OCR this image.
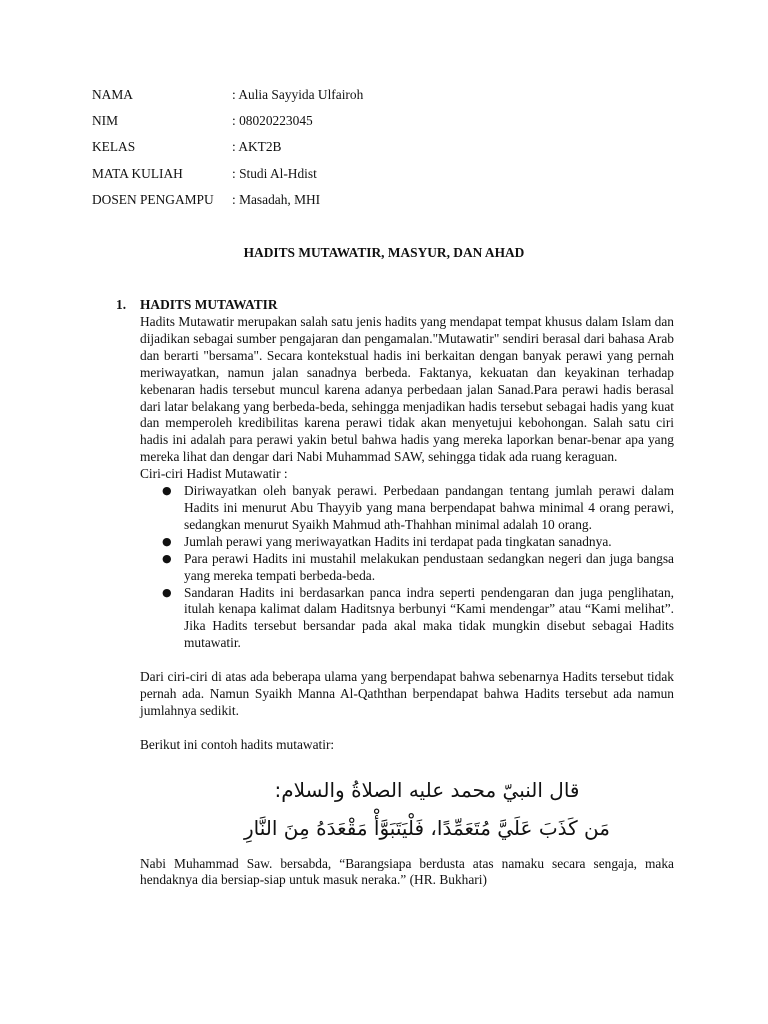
NAMA	: Aulia Sayyida Ulfairoh
NIM	: 08020223045
KELAS	: AKT2B
MATA KULIAH	: Studi Al-Hdist
DOSEN PENGAMPU	: Masadah, MHI
HADITS MUTAWATIR, MASYUR, DAN AHAD
1. HADITS MUTAWATIR

Hadits Mutawatir merupakan salah satu jenis hadits yang mendapat tempat khusus dalam Islam dan dijadikan sebagai sumber pengajaran dan pengamalan."Mutawatir" sendiri berasal dari bahasa Arab dan berarti "bersama". Secara kontekstual hadis ini berkaitan dengan banyak perawi yang pernah meriwayatkan, namun jalan sanadnya berbeda. Faktanya, kekuatan dan keyakinan terhadap kebenaran hadis tersebut muncul karena adanya perbedaan jalan Sanad.Para perawi hadis berasal dari latar belakang yang berbeda-beda, sehingga menjadikan hadis tersebut sebagai hadis yang kuat dan memperoleh kredibilitas karena perawi tidak akan menyetujui kebohongan. Salah satu ciri hadis ini adalah para perawi yakin betul bahwa hadis yang mereka laporkan benar-benar apa yang mereka lihat dan dengar dari Nabi Muhammad SAW, sehingga tidak ada ruang keraguan.

Ciri-ciri Hadist Mutawatir :

● Diriwayatkan oleh banyak perawi. Perbedaan pandangan tentang jumlah perawi dalam Hadits ini menurut Abu Thayyib yang mana berpendapat bahwa minimal 4 orang perawi, sedangkan menurut Syaikh Mahmud ath-Thahhan minimal adalah 10 orang.
● Jumlah perawi yang meriwayatkan Hadits ini terdapat pada tingkatan sanadnya.
● Para perawi Hadits ini mustahil melakukan pendustaan sedangkan negeri dan juga bangsa yang mereka tempati berbeda-beda.
● Sandaran Hadits ini berdasarkan panca indra seperti pendengaran dan juga penglihatan, itulah kenapa kalimat dalam Haditsnya berbunyi “Kami mendengar” atau “Kami melihat”. Jika Hadits tersebut bersandar pada akal maka tidak mungkin disebut sebagai Hadits mutawatir.

Dari ciri-ciri di atas ada beberapa ulama yang berpendapat bahwa sebenarnya Hadits tersebut tidak pernah ada. Namun Syaikh Manna Al-Qaththan berpendapat bahwa Hadits tersebut ada namun jumlahnya sedikit.

Berikut ini contoh hadits mutawatir:

قال النبيّ محمد عليه الصلاةُ والسلام:
مَن كَذَبَ عَلَيَّ مُتَعَمِّدًا، فَلْيَتَبَوَّأْ مَقْعَدَهُ مِنَ النَّارِ

Nabi Muhammad Saw. bersabda, “Barangsiapa berdusta atas namaku secara sengaja, maka hendaknya dia bersiap-siap untuk masuk neraka.” (HR. Bukhari)
